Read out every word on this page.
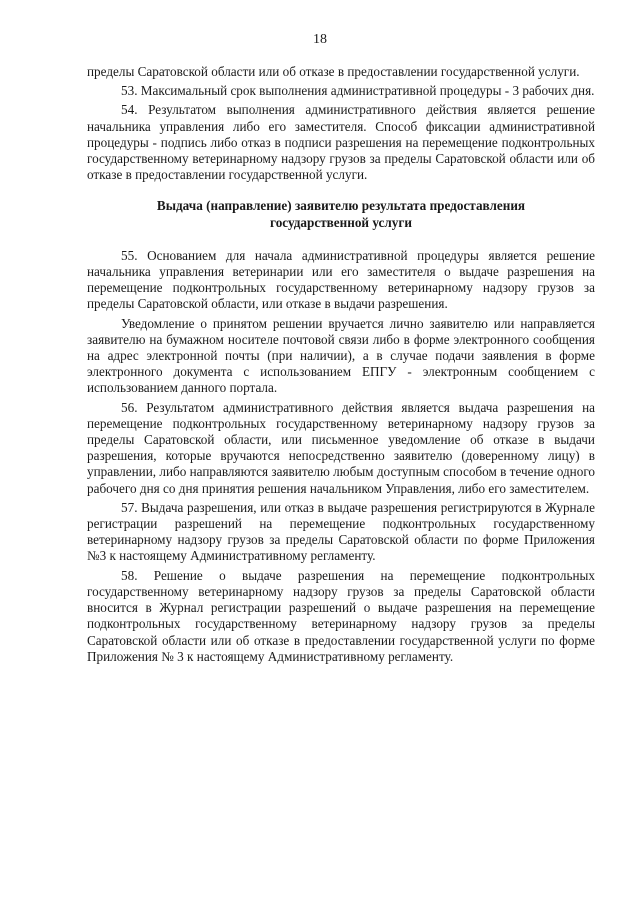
18

пределы Саратовской области или об отказе в предоставлении государственной услуги.

53. Максимальный срок выполнения административной процедуры - 3 рабочих дня.

54. Результатом выполнения административного действия является решение начальника управления либо его заместителя. Способ фиксации административной процедуры - подпись либо отказ в подписи разрешения на перемещение подконтрольных государственному ветеринарному надзору грузов за пределы Саратовской области или об отказе в предоставлении государственной услуги.

Выдача (направление) заявителю результата предоставления государственной услуги

55. Основанием для начала административной процедуры является решение начальника управления ветеринарии или его заместителя о выдаче разрешения на перемещение подконтрольных государственному ветеринарному надзору грузов за пределы Саратовской области, или отказе в выдачи разрешения.

Уведомление о принятом решении вручается лично заявителю или направляется заявителю на бумажном носителе почтовой связи либо в форме электронного сообщения на адрес электронной почты (при наличии), а в случае подачи заявления в форме электронного документа с использованием ЕПГУ - электронным сообщением с использованием данного портала.

56. Результатом административного действия является выдача разрешения на перемещение подконтрольных государственному ветеринарному надзору грузов за пределы Саратовской области, или письменное уведомление об отказе в выдачи разрешения, которые вручаются непосредственно заявителю (доверенному лицу) в управлении, либо направляются заявителю любым доступным способом в течение одного рабочего дня со дня принятия решения начальником Управления, либо его заместителем.

57. Выдача разрешения, или отказ в выдаче разрешения регистрируются в Журнале регистрации разрешений на перемещение подконтрольных государственному ветеринарному надзору грузов за пределы Саратовской области по форме Приложения №3 к настоящему Административному регламенту.

58. Решение о выдаче разрешения на перемещение подконтрольных государственному ветеринарному надзору грузов за пределы Саратовской области вносится в Журнал регистрации разрешений о выдаче разрешения на перемещение подконтрольных государственному ветеринарному надзору грузов за пределы Саратовской области или об отказе в предоставлении государственной услуги по форме Приложения № 3 к настоящему Административному регламенту.
